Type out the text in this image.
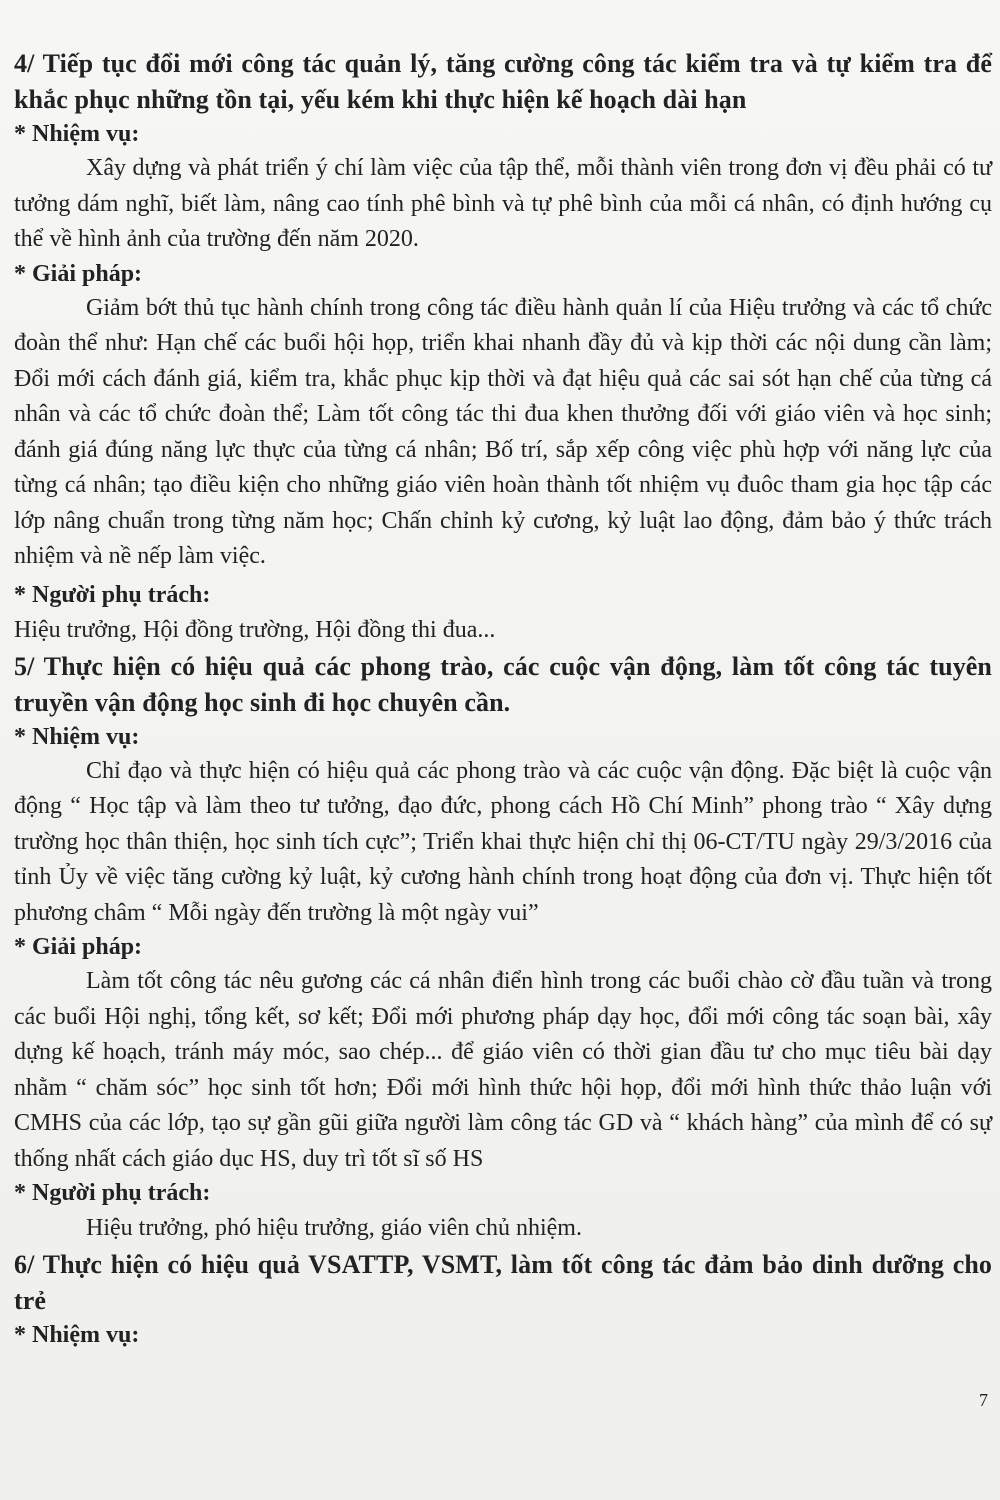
4/ Tiếp tục đổi mới công tác quản lý, tăng cường công tác kiểm tra và tự kiểm tra để khắc phục những tồn tại, yếu kém khi thực hiện kế hoạch dài hạn

* Nhiệm vụ:

Xây dựng và phát triển ý chí làm việc của tập thể, mỗi thành viên trong đơn vị đều phải có tư tưởng dám nghĩ, biết làm, nâng cao tính phê bình và tự phê bình của mỗi cá nhân, có định hướng cụ thể về hình ảnh của trường đến năm 2020.

* Giải pháp:

Giảm bớt thủ tục hành chính trong công tác điều hành quản lí của Hiệu trưởng và các tổ chức đoàn thể như: Hạn chế các buổi hội họp, triển khai nhanh đầy đủ và kịp thời các nội dung cần làm; Đổi mới cách đánh giá, kiểm tra, khắc phục kịp thời và đạt hiệu quả các sai sót hạn chế của từng cá nhân và các tổ chức đoàn thể; Làm tốt công tác thi đua khen thưởng đối với giáo viên và học sinh; đánh giá đúng năng lực thực của từng cá nhân; Bố trí, sắp xếp công việc phù hợp với năng lực của từng cá nhân; tạo điều kiện cho những giáo viên hoàn thành tốt nhiệm vụ đuôc tham gia học tập các lớp nâng chuẩn trong từng năm học; Chấn chỉnh kỷ cương, kỷ luật lao động, đảm bảo ý thức trách nhiệm và nề nếp làm việc.

* Người phụ trách:

Hiệu trưởng, Hội đồng trường, Hội đồng thi đua...

5/ Thực hiện có hiệu quả các phong trào, các cuộc vận động, làm tốt công tác tuyên truyền vận động học sinh đi học chuyên cần.

* Nhiệm vụ:

Chỉ đạo và thực hiện có hiệu quả các phong trào và các cuộc vận động. Đặc biệt là cuộc vận động “ Học tập và làm theo tư tưởng, đạo đức, phong cách Hồ Chí Minh” phong trào “ Xây dựng trường học thân thiện, học sinh tích cực”; Triển khai thực hiện chỉ thị 06-CT/TU ngày 29/3/2016 của tỉnh Ủy về việc tăng cường kỷ luật, kỷ cương hành chính trong hoạt động của đơn vị. Thực hiện tốt phương châm “ Mỗi ngày đến trường là một ngày vui”

* Giải pháp:

Làm tốt công tác nêu gương các cá nhân điển hình trong các buổi chào cờ đầu tuần và trong các buổi Hội nghị, tổng kết, sơ kết; Đổi mới phương pháp dạy học, đổi mới công tác soạn bài, xây dựng kế hoạch, tránh máy móc, sao chép... để giáo viên có thời gian đầu tư cho mục tiêu bài dạy nhằm “ chăm sóc” học sinh tốt hơn; Đổi mới hình thức hội họp, đổi mới hình thức thảo luận với CMHS của các lớp, tạo sự gần gũi giữa người làm công tác GD và “ khách hàng” của mình để có sự thống nhất cách giáo dục HS, duy trì tốt sĩ số HS

* Người phụ trách:

Hiệu trưởng, phó hiệu trưởng, giáo viên chủ nhiệm.

6/ Thực hiện có hiệu quả VSATTP, VSMT, làm tốt công tác đảm bảo dinh dưỡng cho trẻ

* Nhiệm vụ:

7
